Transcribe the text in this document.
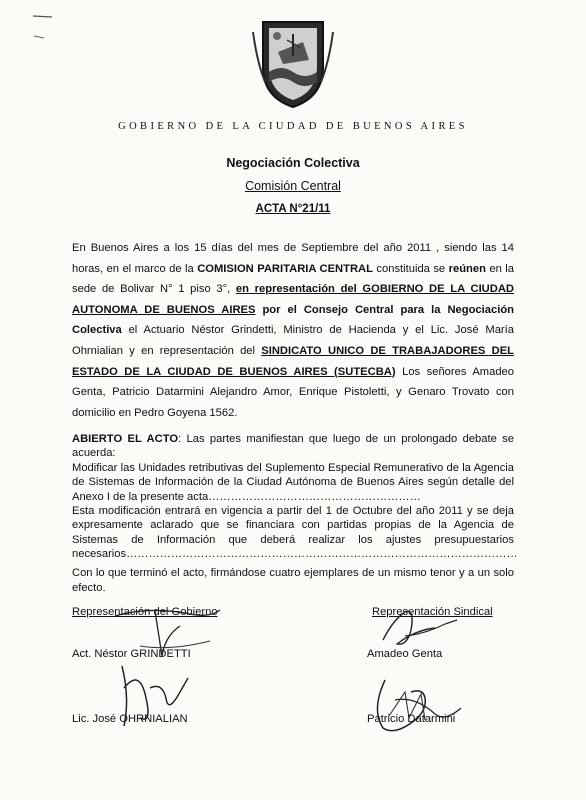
GOBIERNO DE LA CIUDAD DE BUENOS AIRES
Negociación Colectiva
Comisión Central
ACTA N°21/11
En Buenos Aires a los 15 días del mes de Septiembre del año 2011 , siendo las 14 horas, en el marco de la COMISION PARITARIA CENTRAL constituida se reúnen en la sede de Bolivar N° 1 piso 3°, en representación del GOBIERNO DE LA CIUDAD AUTONOMA DE BUENOS AIRES por el Consejo Central para la Negociación Colectiva el Actuario Néstor Grindetti, Ministro de Hacienda y el Lic. José María Ohrnialian y en representación del SINDICATO UNICO DE TRABAJADORES DEL ESTADO DE LA CIUDAD DE BUENOS AIRES (SUTECBA) Los señores Amadeo Genta, Patricio Datarmini Alejandro Amor, Enrique Pistoletti, y Genaro Trovato con domicilio en Pedro Goyena 1562.
ABIERTO EL ACTO: Las partes manifiestan que luego de un prolongado debate se acuerda:
Modificar las Unidades retributivas del Suplemento Especial Remunerativo de la Agencia de Sistemas de Información de la Ciudad Autónoma de Buenos Aires según detalle del Anexo I de la presente acta…………………………………………………
Esta modificación entrará en vigencia a partir del 1 de Octubre del año 2011 y se deja expresamente aclarado que se financiara con partidas propias de la Agencia de Sistemas de Información que deberá realizar los ajustes presupuestarios necesarios……………………………………………………………………………………………
Con lo que terminó el acto, firmándose cuatro ejemplares de un mismo tenor y a un solo efecto.
Representación del Gobierno	Representación Sindical
Act. Néstor GRINDETTI	Amadeo Genta
Lic. José OHRNIALIAN	Patricio Datarmini
